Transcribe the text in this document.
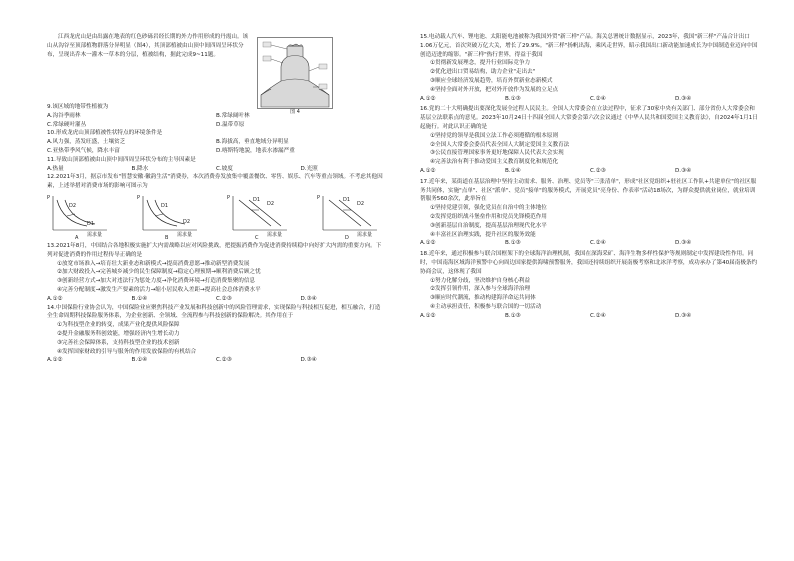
江西龙虎山是由出露在地表的红色砂砾岩经长期的外力作用形成的丹霞山。该山从沟谷至顶部植物群落分异明显（图4），其顶部植被由山顶中间四周呈环状分布，呈现出乔木一灌木一草本的分层，植被结构，据此完成9~11题。

图 4

9.该区域的地带性植被为

A.沟谷季雨林	B.常绿阔叶林
C.常绿硬叶灌丛	D.温带草原

10.形成龙虎山顶部植被性状特点的环境条件是

A.风力强，蒸发旺盛，土壤贫乏	B.海拔高，垂直地域分异明显
C.亚热带季风气候，降水丰富	D.喀斯特地貌，地表水渗漏严重

11.导致山顶部植被由山顶中间四周呈环状分布的主导因素是

A.热量	B.降水	C.坡度	D.光照

12.2021年3月，据京市发布"智慧安徽·徽韵生活"消费券，本次消费券发放集中覆盖餐饮、零售、娱乐、汽车等重点领域。不考虑其他因素，上述举措对消费市场的影响可图示为

P
D1
D2
需求量
A
P
D1
D2
需求量
B
P	D1
D2
需求量
C
P	D1
D2
需求量
D

13.2021年8月，中国结合各地积极实施扩大内需战略以应对风险挑战，把提振消费作为促进消费持续稳中向好扩大内需的重要方向。下列对促进消费的作用过程传导正确的是

①放宽市场准入→培育壮大新业态和新模式→提高消费意愿→推动新型消费发展

②加大财政投入→完善城乡减少的民生保障制度→稳定心理预期→顺利消费后顾之忧

③创新经营方式→加大对违法行为惩处力度→净化消费环境→打造消费集聚的信息

④完善分配制度→激发生产要素的活力→缩小居民收入差距→提高社会总体消费水平

A.①②	B.①④	C.②③	D.③④

14.中国保险行业协会认为，中国保险业应聚焦科技产业发展和科技创新中的风险管理需求，实现保险与科技相互促进，相互融合，打造全生命周期科技保险服务体系，为企业创新、全领域、全流程参与科技创新的保险解决。其作用在于

①为科技型企业的转变，成果产业化提供风险保障

②提升金融服务科创效能，增强经济内生增长动力

③完善社会保障体系，支持科技型企业的技术创新

④发挥国家财政的引导与服务的作用发放保险的有机结合

A.①②	B.①④	C.②③	D.③④

15.电动载人汽车、锂电池、太阳能电池被称为我国外贸"新三样"产品。海关总署统计数据显示，2023年，我国"新三样"产品合计出口1.06万亿元，首次突破万亿大关，增长了29.9%。"新三样"扬帆出海，乘风走世界，昭示我国出口新动能加速成长为中国制造业迈向中国创造迈进的缩影。"新三样"热行世界，得益于我国

①贯彻新发展理念，提升行业国际竞争力

②优化进出口贸易结构，助力企业"走出去"

③顺应全球经济发展趋势，培育外贸新业态新模式

④坚持全面对外开放，把对外开放作为发展的立足点

A.①②	B.①③	C.②④	D.③④

16.党的二十大明确提出要深化发展全过程人民民主。全国人大常委会在立法过程中，征求了30家中央有关部门、部分省份人大常委会和基层立法联系点的意见。2023年10月24日十四届全国人大常委会第六次会议通过《中华人民共和国爱国主义教育法》，自2024年1月1日起施行。对此认识正确的是

①坚持党的领导是我国立法工作必须遵循的根本原则

②全国人大常委会委员代表全国人大制定爱国主义教育法

③公民直接管理国家事务更好地保障人民代表大会实现

④完善法治有利于推动爱国主义教育制度化和规范化

A.①②	B.①④	C.②③	D.③④

17.近年来，某街道在基层治理中坚持主动需求、服务、治理、党员等"三张清单"，形成"社区党组织+驻社区工作队+共建单位"的社区服务共同体，实施"点单"、社区"派单"、党员"接单"的服务模式，开展党员"亮身份、作表率"活动18场次，为群众提供就业岗位，就业培训帮服务560余次，此举旨在

①坚持党建引领，强化党员在自治中的主体地位

②发挥党组织战斗堡垒作用和党员先锋模范作用

③创新基层自治制度，提高基层治理现代化水平

④丰富社区治理实践，提升社区的服务效能

A.①②	B.①③	C.②④	D.③④

18.近年来，通过积极参与联合国框架下的全球海洋治理机制，我国在深海采矿、海洋生物多样性保护等规则制定中发挥建设性作用。同时，中国南海区域海洋预警中心向周边国家提供海啸预警服务，我国还持续组织开展南极考察和北冰洋考察，成功承办了第40届南极条约协商会议，这体现了我国

①努力化解分歧，坚决维护自身核心利益

②发挥引领作用，深入参与全球海洋治理

③顺应时代潮流，推动构建海洋命运共同体

④主动承担责任，积极参与联合国的一切活动

A.①②	B.①③	C.②④	D.③④
